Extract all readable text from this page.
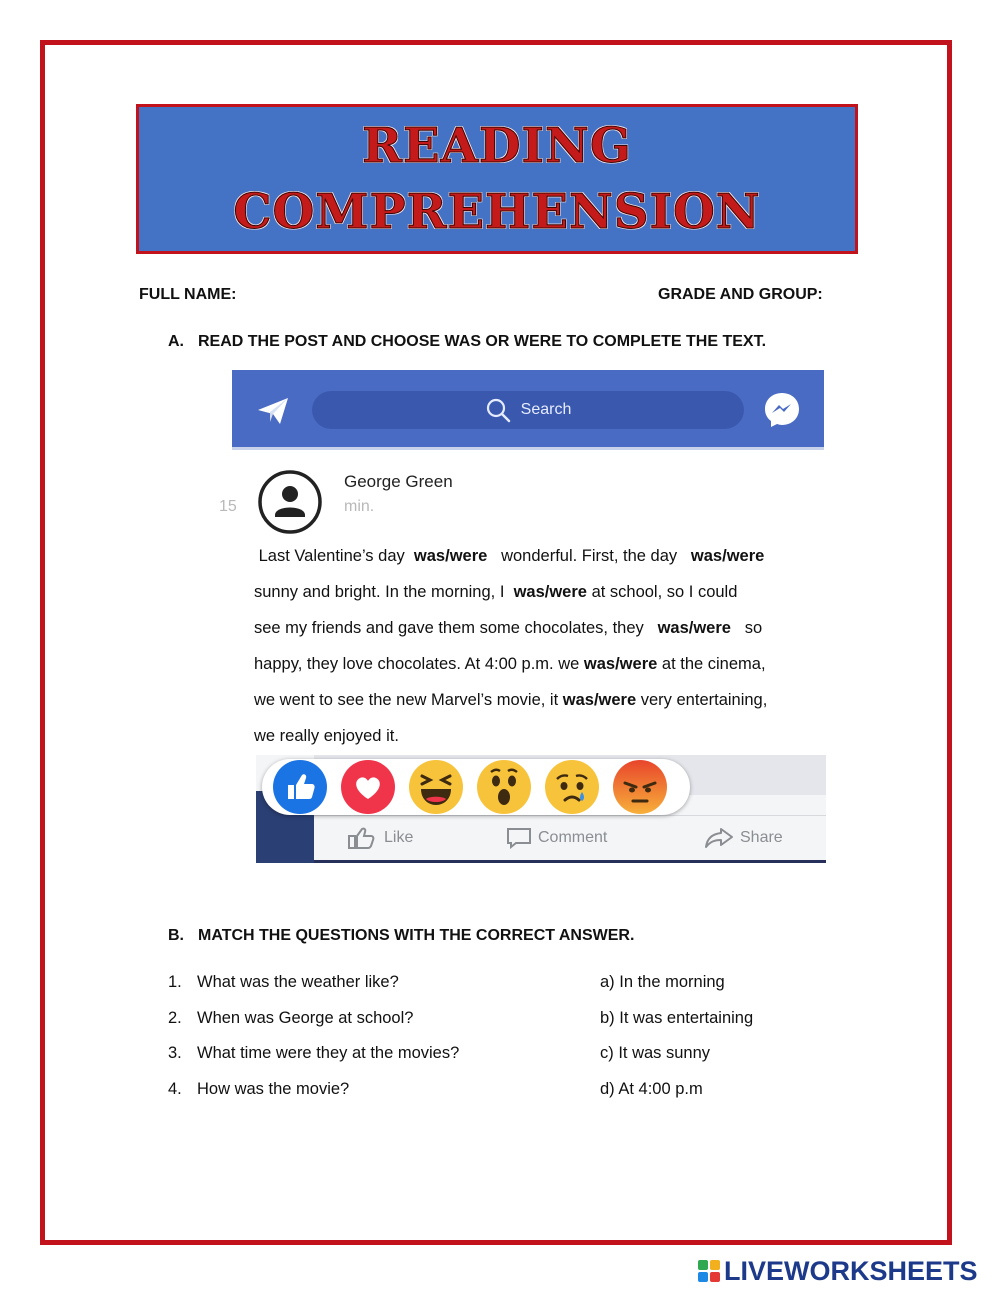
READING
COMPREHENSION
FULL NAME:	GRADE AND GROUP:
A. READ THE POST AND CHOOSE WAS OR WERE TO COMPLETE THE TEXT.
Search
George Green
15	min.
Last Valentine’s day was/were wonderful. First, the day was/were
sunny and bright. In the morning, I was/were at school, so I could
see my friends and gave them some chocolates, they was/were so
happy, they love chocolates. At 4:00 p.m. we was/were at the cinema,
we went to see the new Marvel’s movie, it was/were very entertaining,
we really enjoyed it.
Like	Comment	Share
B. MATCH THE QUESTIONS WITH THE CORRECT ANSWER.
1. What was the weather like?
2. When was George at school?
3. What time were they at the movies?
4. How was the movie?
a) In the morning
b) It was entertaining
c) It was sunny
d) At 4:00 p.m
LIVEWORKSHEETS
